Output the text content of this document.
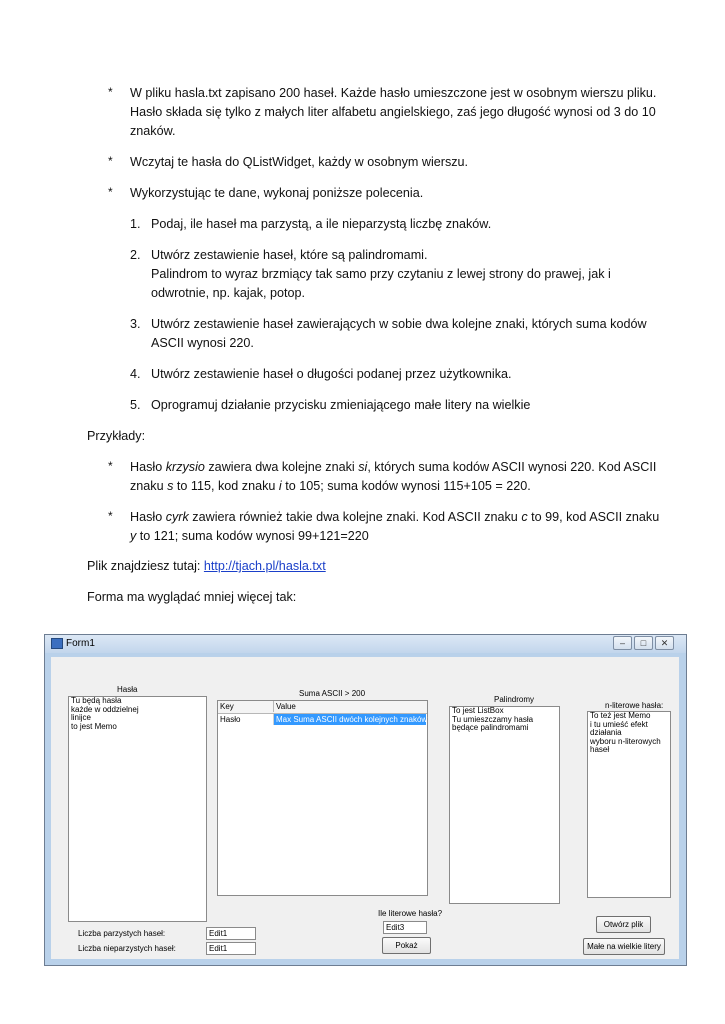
* W pliku hasla.txt zapisano 200 haseł. Każde hasło umieszczone jest w osobnym wierszu pliku.
Hasło składa się tylko z małych liter alfabetu angielskiego, zaś jego długość wynosi od 3 do 10
znaków.
* Wczytaj te hasła do QListWidget, każdy w osobnym wierszu.
* Wykorzystując te dane, wykonaj poniższe polecenia.
1. Podaj, ile haseł ma parzystą, a ile nieparzystą liczbę znaków.
2. Utwórz zestawienie haseł, które są palindromami.
Palindrom to wyraz brzmiący tak samo przy czytaniu z lewej strony do prawej, jak i
odwrotnie, np. kajak, potop.
3. Utwórz zestawienie haseł zawierających w sobie dwa kolejne znaki, których suma kodów
ASCII wynosi 220.
4. Utwórz zestawienie haseł o długości podanej przez użytkownika.
5. Oprogramuj działanie przycisku zmieniającego małe litery na wielkie
Przykłady:
* Hasło krzysio zawiera dwa kolejne znaki si, których suma kodów ASCII wynosi 220. Kod ASCII
znaku s to 115, kod znaku i to 105; suma kodów wynosi 115+105 = 220.
* Hasło cyrk zawiera również takie dwa kolejne znaki. Kod ASCII znaku c to 99, kod ASCII znaku
y to 121; suma kodów wynosi 99+121=220
Plik znajdziesz tutaj: http://tjach.pl/hasla.txt
Forma ma wyglądać mniej więcej tak:
Form1	–	□	✕
Hasła
Tu będą hasła
każde w oddzielnej
linijce
to jest Memo
Suma ASCII > 200
Key	Value
Hasło	Max Suma ASCII dwóch kolejnych znaków
Palindromy
To jest ListBox
Tu umieszczamy hasła
będące palindromami
n-literowe hasła:
To też jest Memo
i tu umieść efekt
działania
wyboru n-literowych
haseł
Ile literowe hasła?
Edit3
Pokaż
Otwórz plik
Małe na wielkie litery
Liczba parzystych haseł:	Edit1
Liczba nieparzystych haseł:	Edit1
